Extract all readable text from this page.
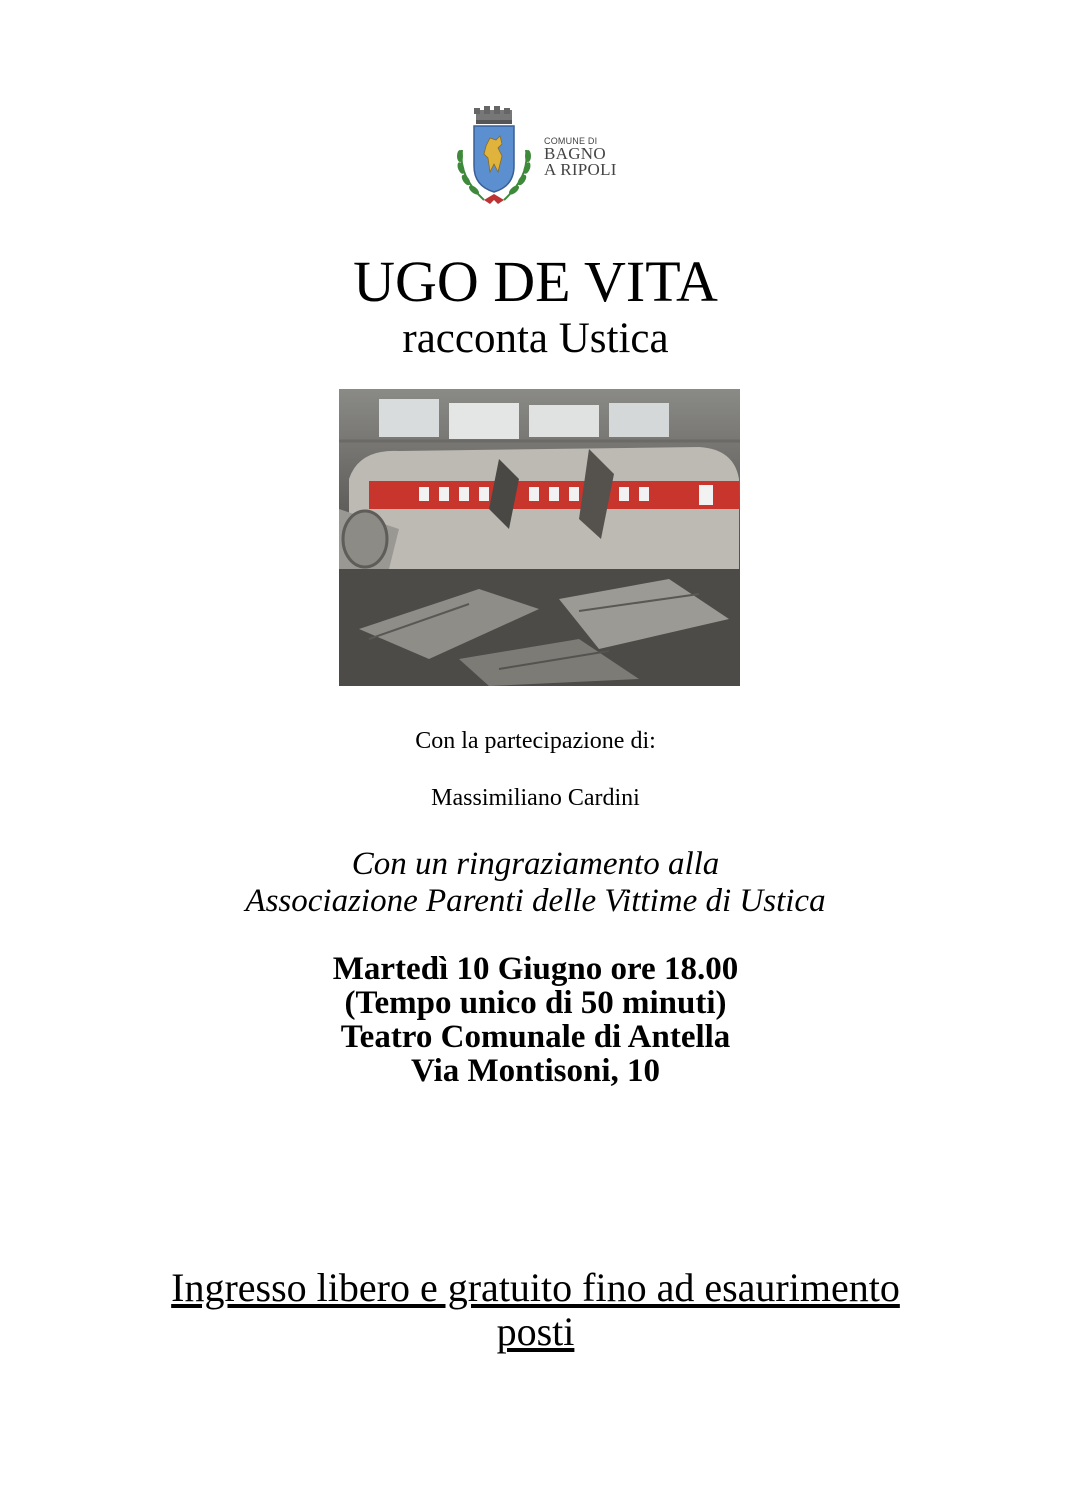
COMUNE DI
BAGNO
A RIPOLI
UGO DE VITA
racconta Ustica
Con la partecipazione di:
Massimiliano Cardini
Con un ringraziamento alla
Associazione Parenti delle Vittime di Ustica
Martedì 10 Giugno ore 18.00
(Tempo unico di 50 minuti)
Teatro Comunale di Antella
Via Montisoni, 10
Ingresso libero e gratuito fino ad esaurimento
posti
